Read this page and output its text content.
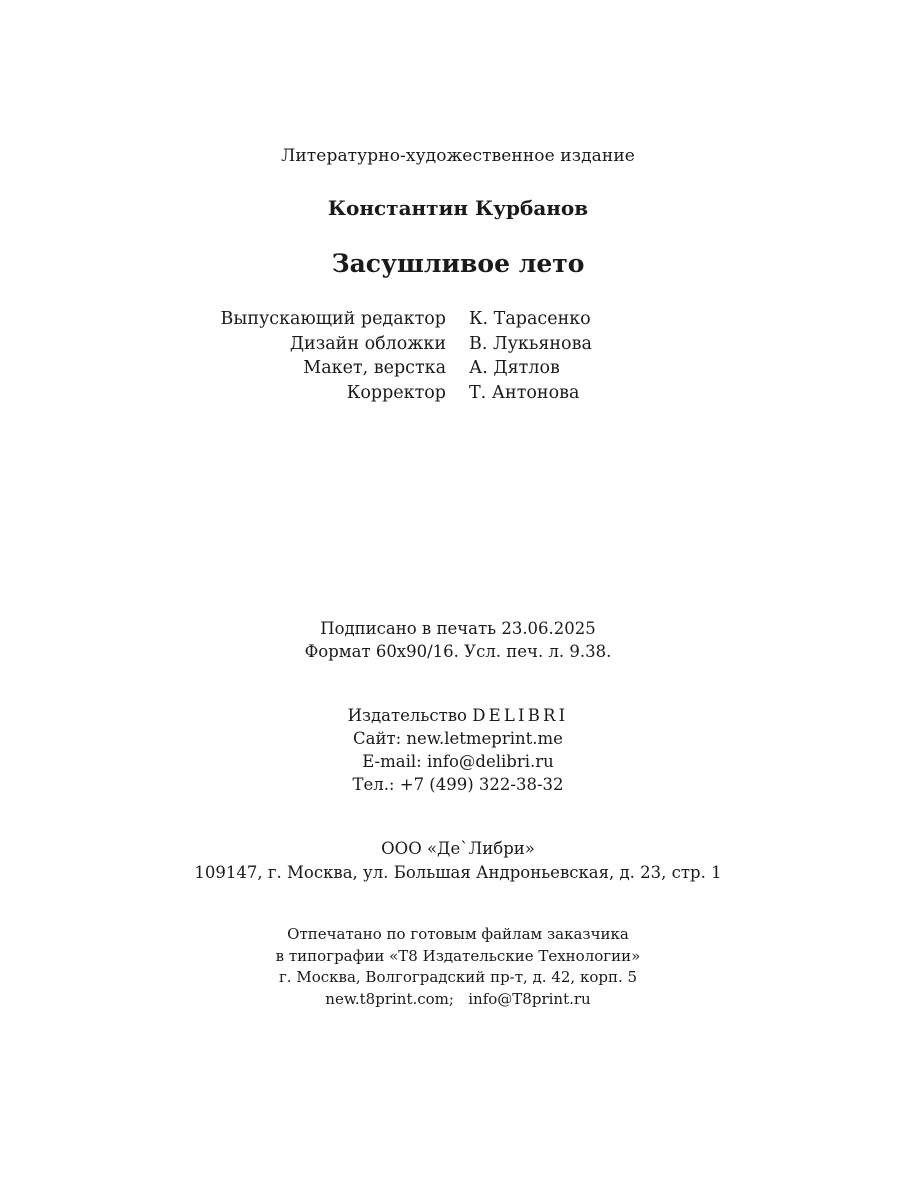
Литературно-художественное издание
Константин Курбанов
Засушливое лето
Выпускающий редактор К. Тарасенко
Дизайн обложки В. Лукьянова
Макет, верстка А. Дятлов
Корректор Т. Антонова
Подписано в печать 23.06.2025
Формат 60х90/16. Усл. печ. л. 9.38.
Издательство DELIBRI
Сайт: new.letmeprint.me
E-mail: info@delibri.ru
Тел.: +7 (499) 322-38-32
ООО «Де`Либри»
109147, г. Москва, ул. Большая Андроньевская, д. 23, стр. 1
Отпечатано по готовым файлам заказчика
в типографии «Т8 Издательские Технологии»
г. Москва, Волгоградский пр-т, д. 42, корп. 5
new.t8print.com;   info@T8print.ru
